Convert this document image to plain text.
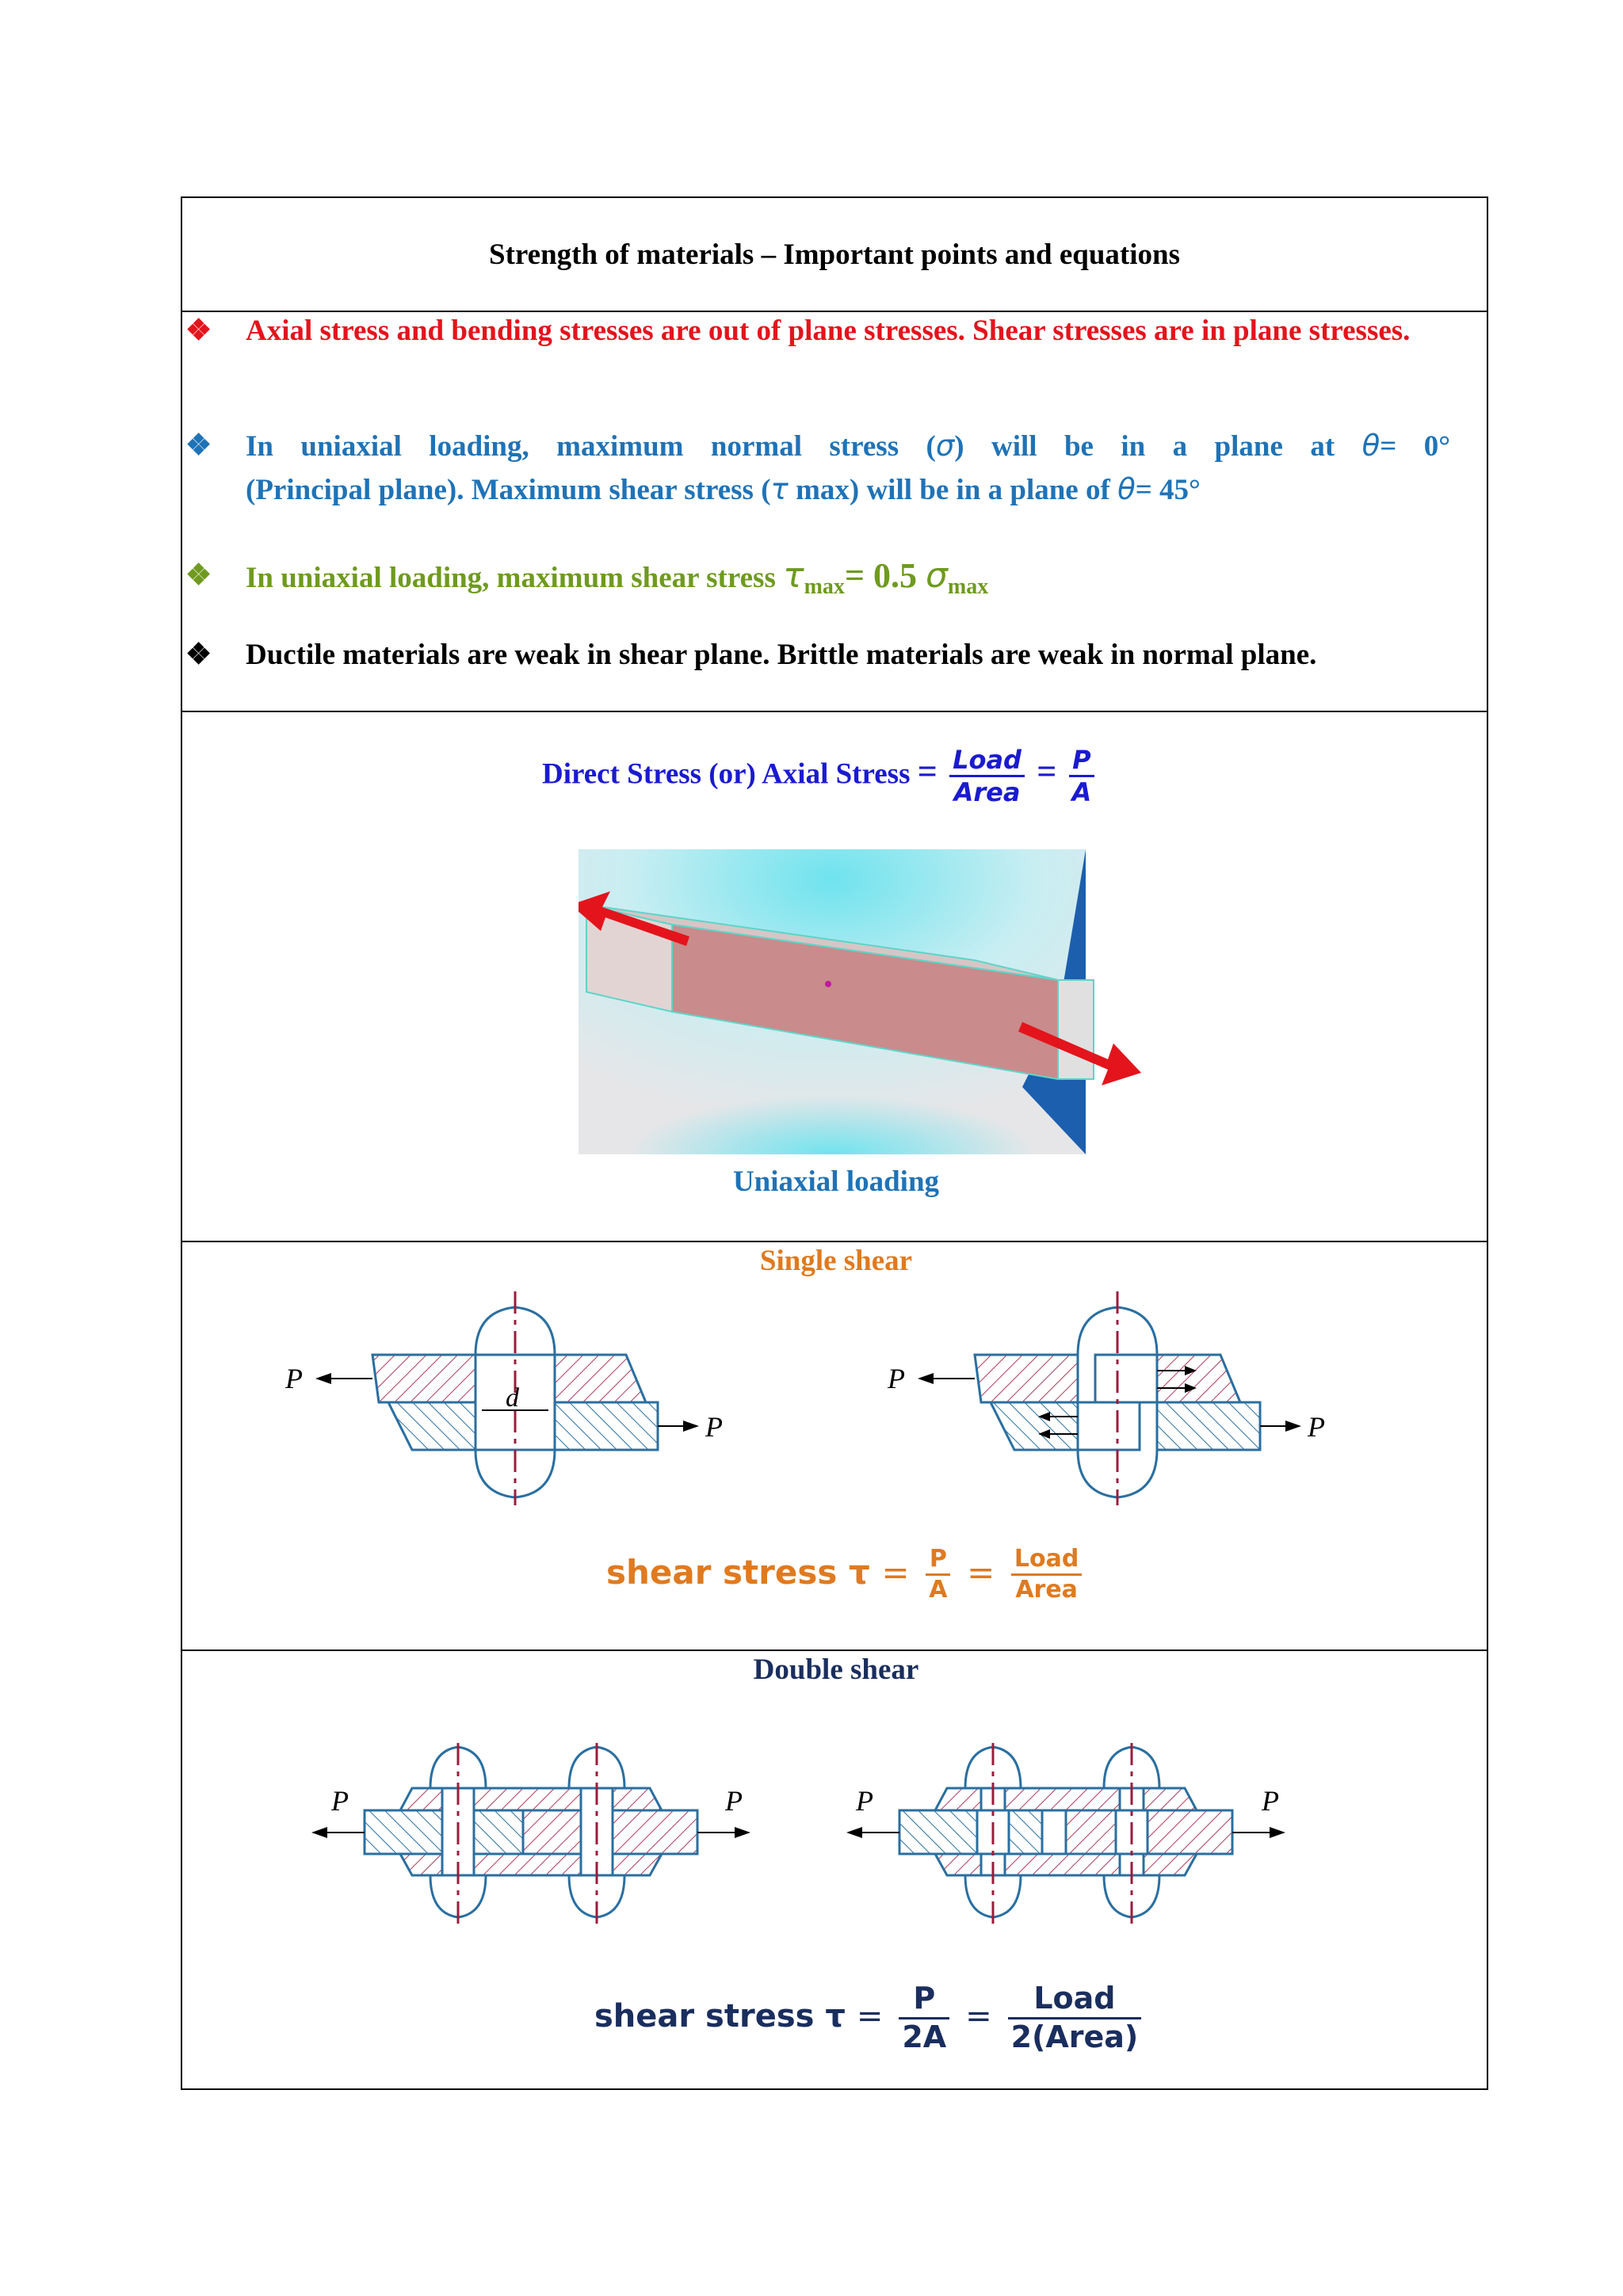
Strength of materials – Important points and equations
❖ Axial stress and bending stresses are out of plane stresses. Shear stresses are in plane stresses.
❖ In uniaxial loading, maximum normal stress (σ) will be in a plane at θ= 0°
(Principal plane). Maximum shear stress (τ max) will be in a plane of θ= 45°
❖ In uniaxial loading, maximum shear stress $\tau_{max}= 0.5$ $\sigma_{max}$
❖ Ductile materials are weak in shear plane. Brittle materials are weak in normal plane.
Direct Stress (or) Axial Stress = $\frac{\text{Load}}{\text{Area}} = \frac{P}{A}$
Uniaxial loading
Single shear
P
P
d
P
P
shear stress $\tau = \frac{P}{A} = \frac{\text{Load}}{\text{Area}}$
Double shear
P	P	P	P
shear stress $\tau = \frac{P}{2A} = \frac{\text{Load}}{\text{2(Area)}}$
